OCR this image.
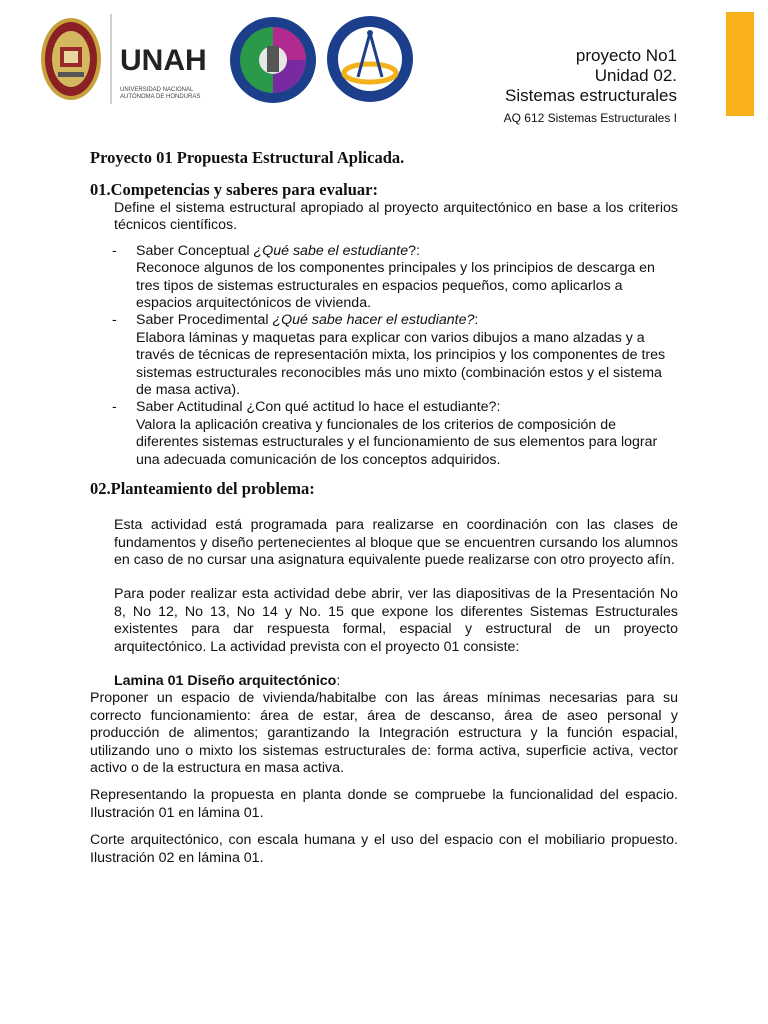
UNAH
UNIVERSIDAD NACIONAL
AUTÓNOMA DE HONDURAS
proyecto No1
Unidad 02.
Sistemas estructurales
AQ 612 Sistemas Estructurales I
Proyecto 01 Propuesta Estructural Aplicada.
01.Competencias y saberes para evaluar:

Define el sistema estructural apropiado al proyecto arquitectónico en base a los criterios técnicos científicos.

- Saber Conceptual ¿Qué sabe el estudiante?:
Reconoce algunos de los componentes principales y los principios de descarga en tres tipos de sistemas estructurales en espacios pequeños, como aplicarlos a espacios arquitectónicos de vivienda.
- Saber Procedimental ¿Qué sabe hacer el estudiante?:
Elabora láminas y maquetas para explicar con varios dibujos a mano alzadas y a través de técnicas de representación mixta, los principios y los componentes de tres sistemas estructurales reconocibles más uno mixto (combinación estos y el sistema de masa activa).
- Saber Actitudinal ¿Con qué actitud lo hace el estudiante?:
Valora la aplicación creativa y funcionales de los criterios de composición de diferentes sistemas estructurales y el funcionamiento de sus elementos para lograr una adecuada comunicación de los conceptos adquiridos.
02.Planteamiento del problema:

Esta actividad está programada para realizarse en coordinación con las clases de fundamentos y diseño pertenecientes al bloque que se encuentren cursando los alumnos en caso de no cursar una asignatura equivalente puede realizarse con otro proyecto afín.

Para poder realizar esta actividad debe abrir, ver las diapositivas de la Presentación No 8, No 12, No 13, No 14 y No. 15 que expone los diferentes Sistemas Estructurales existentes para dar respuesta formal, espacial y estructural de un proyecto arquitectónico. La actividad prevista con el proyecto 01 consiste:

Lamina 01 Diseño arquitectónico:

Proponer un espacio de vivienda/habitalbe con las áreas mínimas necesarias para su correcto funcionamiento: área de estar, área de descanso, área de aseo personal y producción de alimentos; garantizando la Integración estructura y la función espacial, utilizando uno o mixto los sistemas estructurales de: forma activa, superficie activa, vector activo o de la estructura en masa activa.

Representando la propuesta en planta donde se compruebe la funcionalidad del espacio. Ilustración 01 en lámina 01.

Corte arquitectónico, con escala humana y el uso del espacio con el mobiliario propuesto. Ilustración 02 en lámina 01.
